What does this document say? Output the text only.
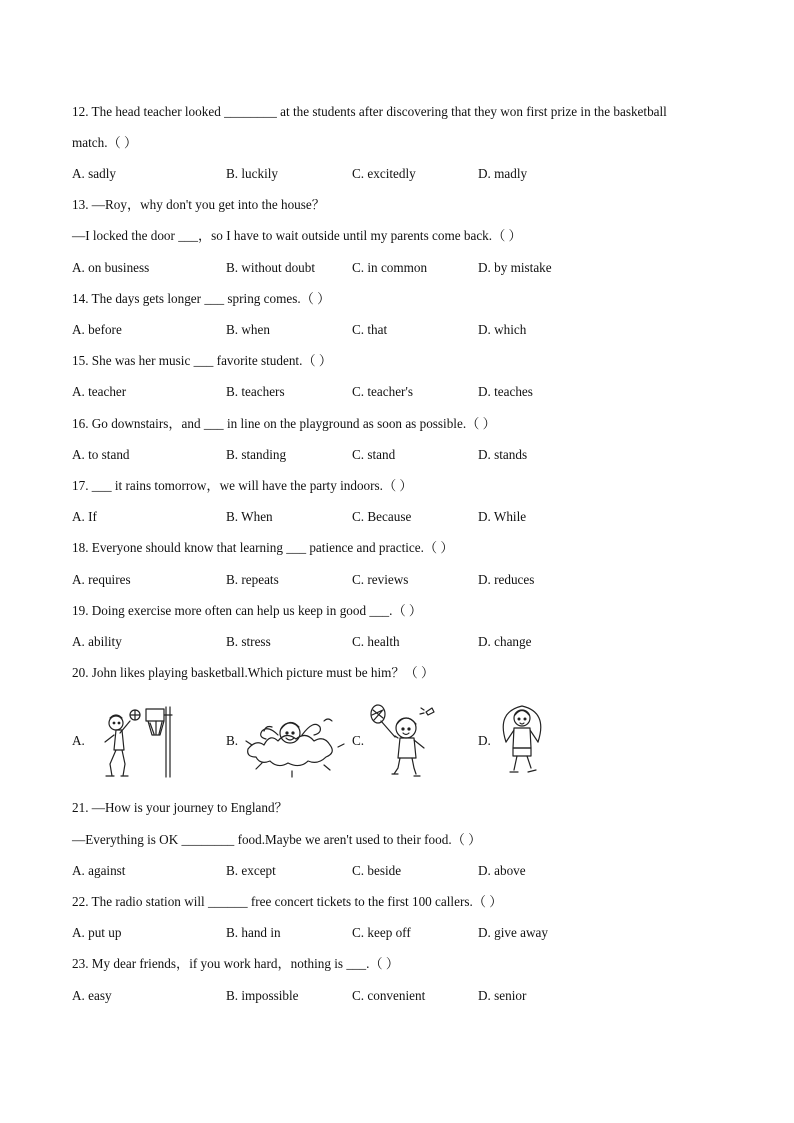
12. The head teacher looked ________ at the students after discovering that they won first prize in the basketball
match.（ ）
A. sadly	B. luckily	C. excitedly	D. madly
13. —Roy，why don't you get into the house？
—I locked the door ___，so I have to wait outside until my parents come back.（ ）
A. on business	B. without doubt	C. in common	D. by mistake
14. The days gets longer ___ spring comes.（ ）
A. before	B. when	C. that	D. which
15. She was her music ___ favorite student.（ ）
A. teacher	B. teachers	C. teacher's	D. teaches
16. Go downstairs，and ___ in line on the playground as soon as possible.（ ）
A. to stand	B. standing	C. stand	D. stands
17. ___ it rains tomorrow，we will have the party indoors.（ ）
A. If	B. When	C. Because	D. While
18. Everyone should know that learning ___ patience and practice.（ ）
A. requires	B. repeats	C. reviews	D. reduces
19. Doing exercise more often can help us keep in good ___.（ ）
A. ability	B. stress	C. health	D. change
20. John likes playing basketball.Which picture must be him？（ ）
A.	B.	C.	D.
21. —How is your journey to England？
—Everything is OK ________ food.Maybe we aren't used to their food.（ ）
A. against	B. except	C. beside	D. above
22. The radio station will ______ free concert tickets to the first 100 callers.（ ）
A. put up	B. hand in	C. keep off	D. give away
23. My dear friends，if you work hard，nothing is ___.（ ）
A. easy	B. impossible	C. convenient	D. senior
